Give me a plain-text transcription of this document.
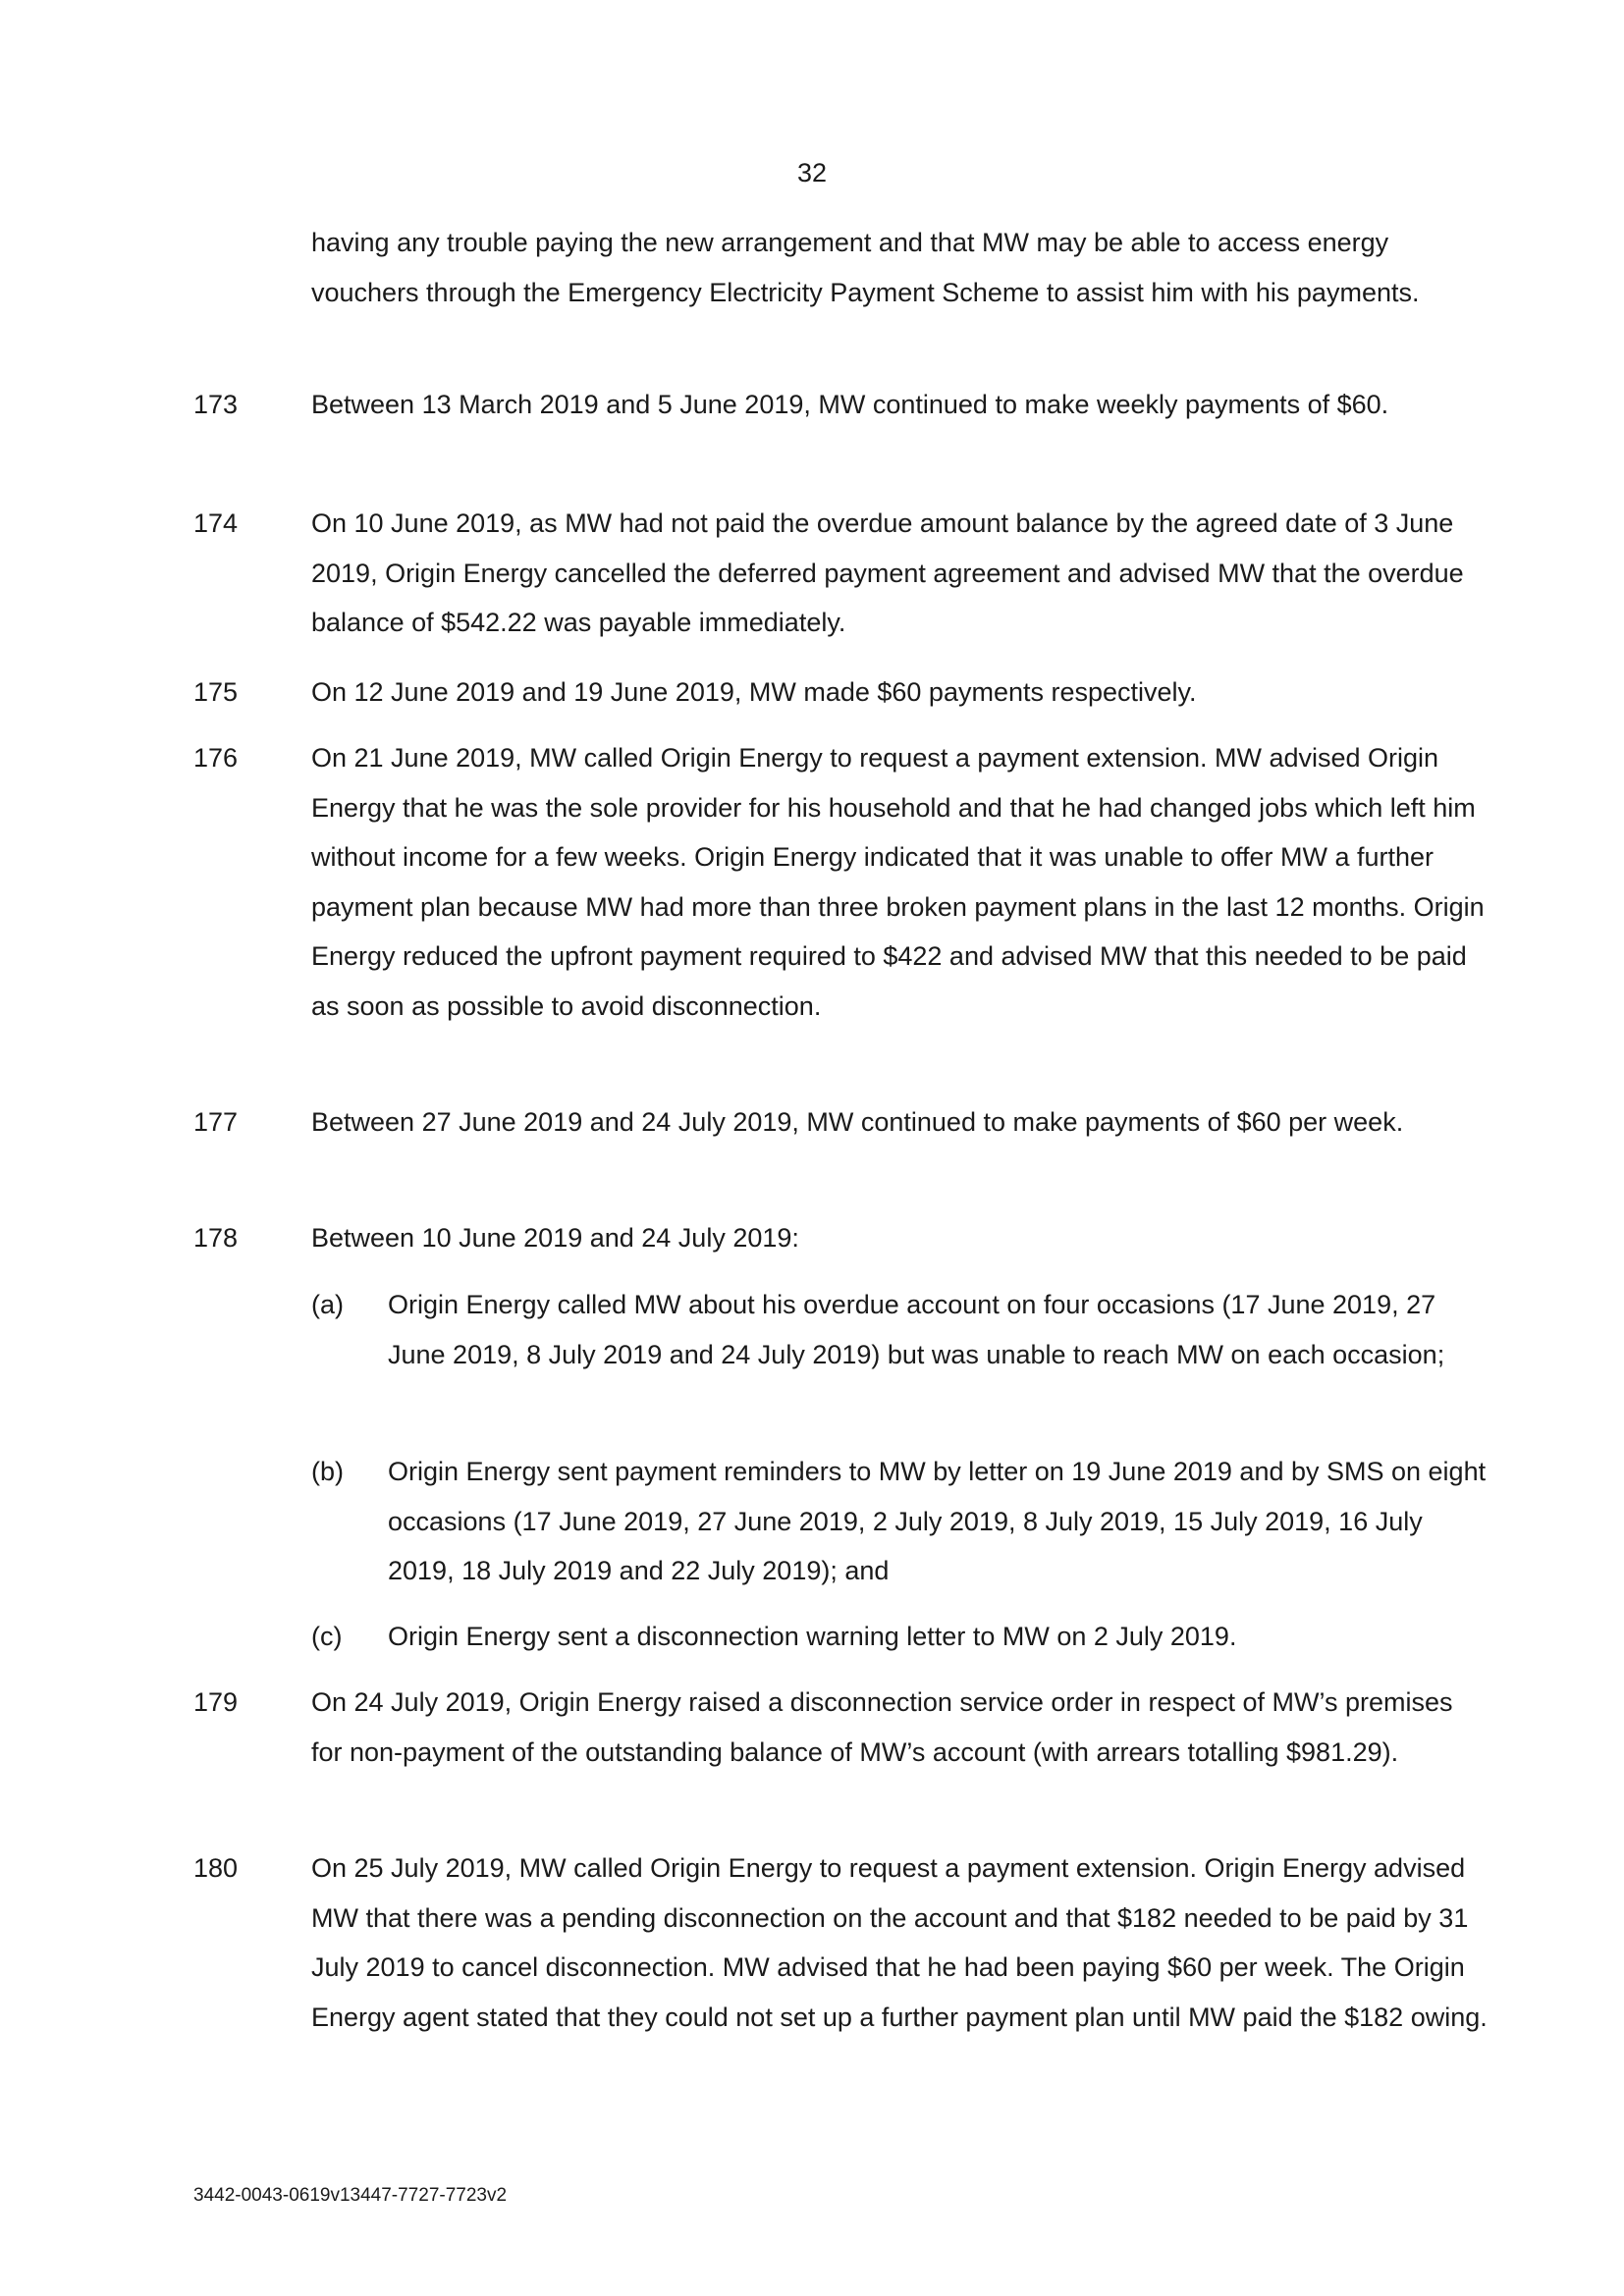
32
having any trouble paying the new arrangement and that MW may be able to access energy vouchers through the Emergency Electricity Payment Scheme to assist him with his payments.
173	Between 13 March 2019 and 5 June 2019, MW continued to make weekly payments of $60.
174	On 10 June 2019, as MW had not paid the overdue amount balance by the agreed date of 3 June 2019, Origin Energy cancelled the deferred payment agreement and advised MW that the overdue balance of $542.22 was payable immediately.
175	On 12 June 2019 and 19 June 2019, MW made $60 payments respectively.
176	On 21 June 2019, MW called Origin Energy to request a payment extension. MW advised Origin Energy that he was the sole provider for his household and that he had changed jobs which left him without income for a few weeks. Origin Energy indicated that it was unable to offer MW a further payment plan because MW had more than three broken payment plans in the last 12 months. Origin Energy reduced the upfront payment required to $422 and advised MW that this needed to be paid as soon as possible to avoid disconnection.
177	Between 27 June 2019 and 24 July 2019, MW continued to make payments of $60 per week.
178	Between 10 June 2019 and 24 July 2019:
(a) Origin Energy called MW about his overdue account on four occasions (17 June 2019, 27 June 2019, 8 July 2019 and 24 July 2019) but was unable to reach MW on each occasion;
(b) Origin Energy sent payment reminders to MW by letter on 19 June 2019 and by SMS on eight occasions (17 June 2019, 27 June 2019, 2 July 2019, 8 July 2019, 15 July 2019, 16 July 2019, 18 July 2019 and 22 July 2019); and
(c) Origin Energy sent a disconnection warning letter to MW on 2 July 2019.
179	On 24 July 2019, Origin Energy raised a disconnection service order in respect of MW’s premises for non-payment of the outstanding balance of MW’s account (with arrears totalling $981.29).
180	On 25 July 2019, MW called Origin Energy to request a payment extension. Origin Energy advised MW that there was a pending disconnection on the account and that $182 needed to be paid by 31 July 2019 to cancel disconnection. MW advised that he had been paying $60 per week. The Origin Energy agent stated that they could not set up a further payment plan until MW paid the $182 owing.
3442-0043-0619v13447-7727-7723v2
